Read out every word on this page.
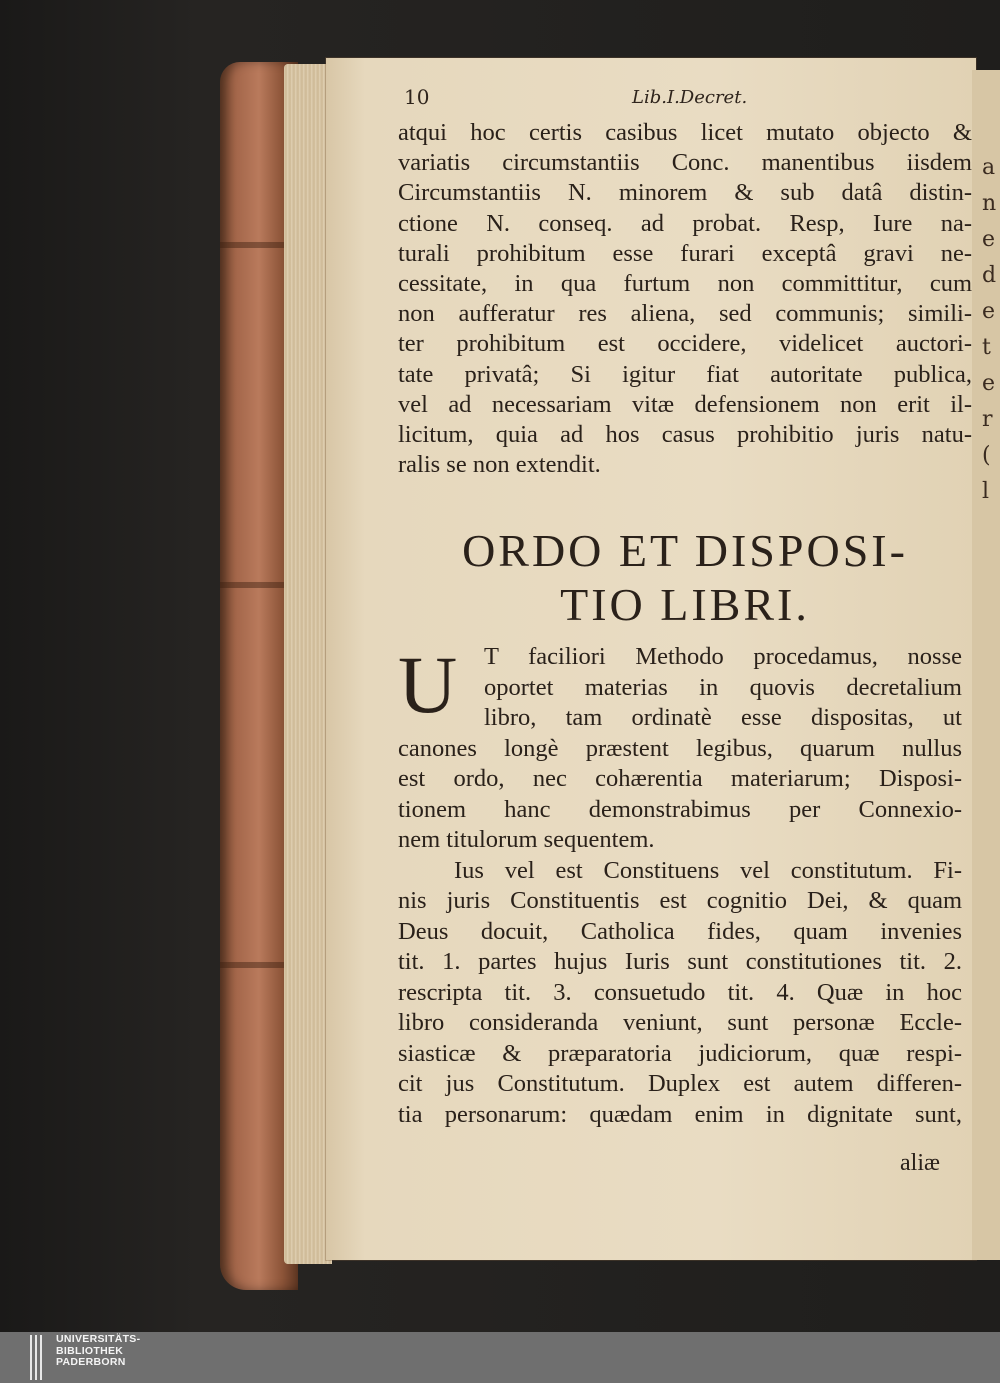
a n e d e t e r ( l
10	Lib.I.Decret.
atqui hoc certis casibus licet mutato objecto &
variatis circumstantiis Conc. manentibus iisdem
Circumstantiis N. minorem & sub datâ distin-
ctione N. conseq. ad probat. Resp, Iure na-
turali prohibitum esse furari exceptâ gravi ne-
cessitate, in qua furtum non committitur, cum
non aufferatur res aliena, sed communis; simili-
ter prohibitum est occidere, videlicet auctori-
tate privatâ; Si igitur fiat autoritate publica,
vel ad necessariam vitæ defensionem non erit il-
licitum, quia ad hos casus prohibitio juris natu-
ralis se non extendit.
ORDO ET DISPOSI-
TIO LIBRI.
U T faciliori Methodo procedamus, nosse
oportet materias in quovis decretalium
libro, tam ordinatè esse dispositas, ut
canones longè præstent legibus, quarum nullus
est ordo, nec cohærentia materiarum; Disposi-
tionem hanc demonstrabimus per Connexio-
nem titulorum sequentem.
Ius vel est Constituens vel constitutum. Fi-
nis juris Constituentis est cognitio Dei, & quam
Deus docuit, Catholica fides, quam invenies
tit. 1. partes hujus Iuris sunt constitutiones tit. 2.
rescripta tit. 3. consuetudo tit. 4. Quæ in hoc
libro consideranda veniunt, sunt personæ Eccle-
siasticæ & præparatoria judiciorum, quæ respi-
cit jus Constitutum. Duplex est autem differen-
tia personarum: quædam enim in dignitate sunt,
aliæ
UNIVERSITÄTS-
BIBLIOTHEK
PADERBORN
